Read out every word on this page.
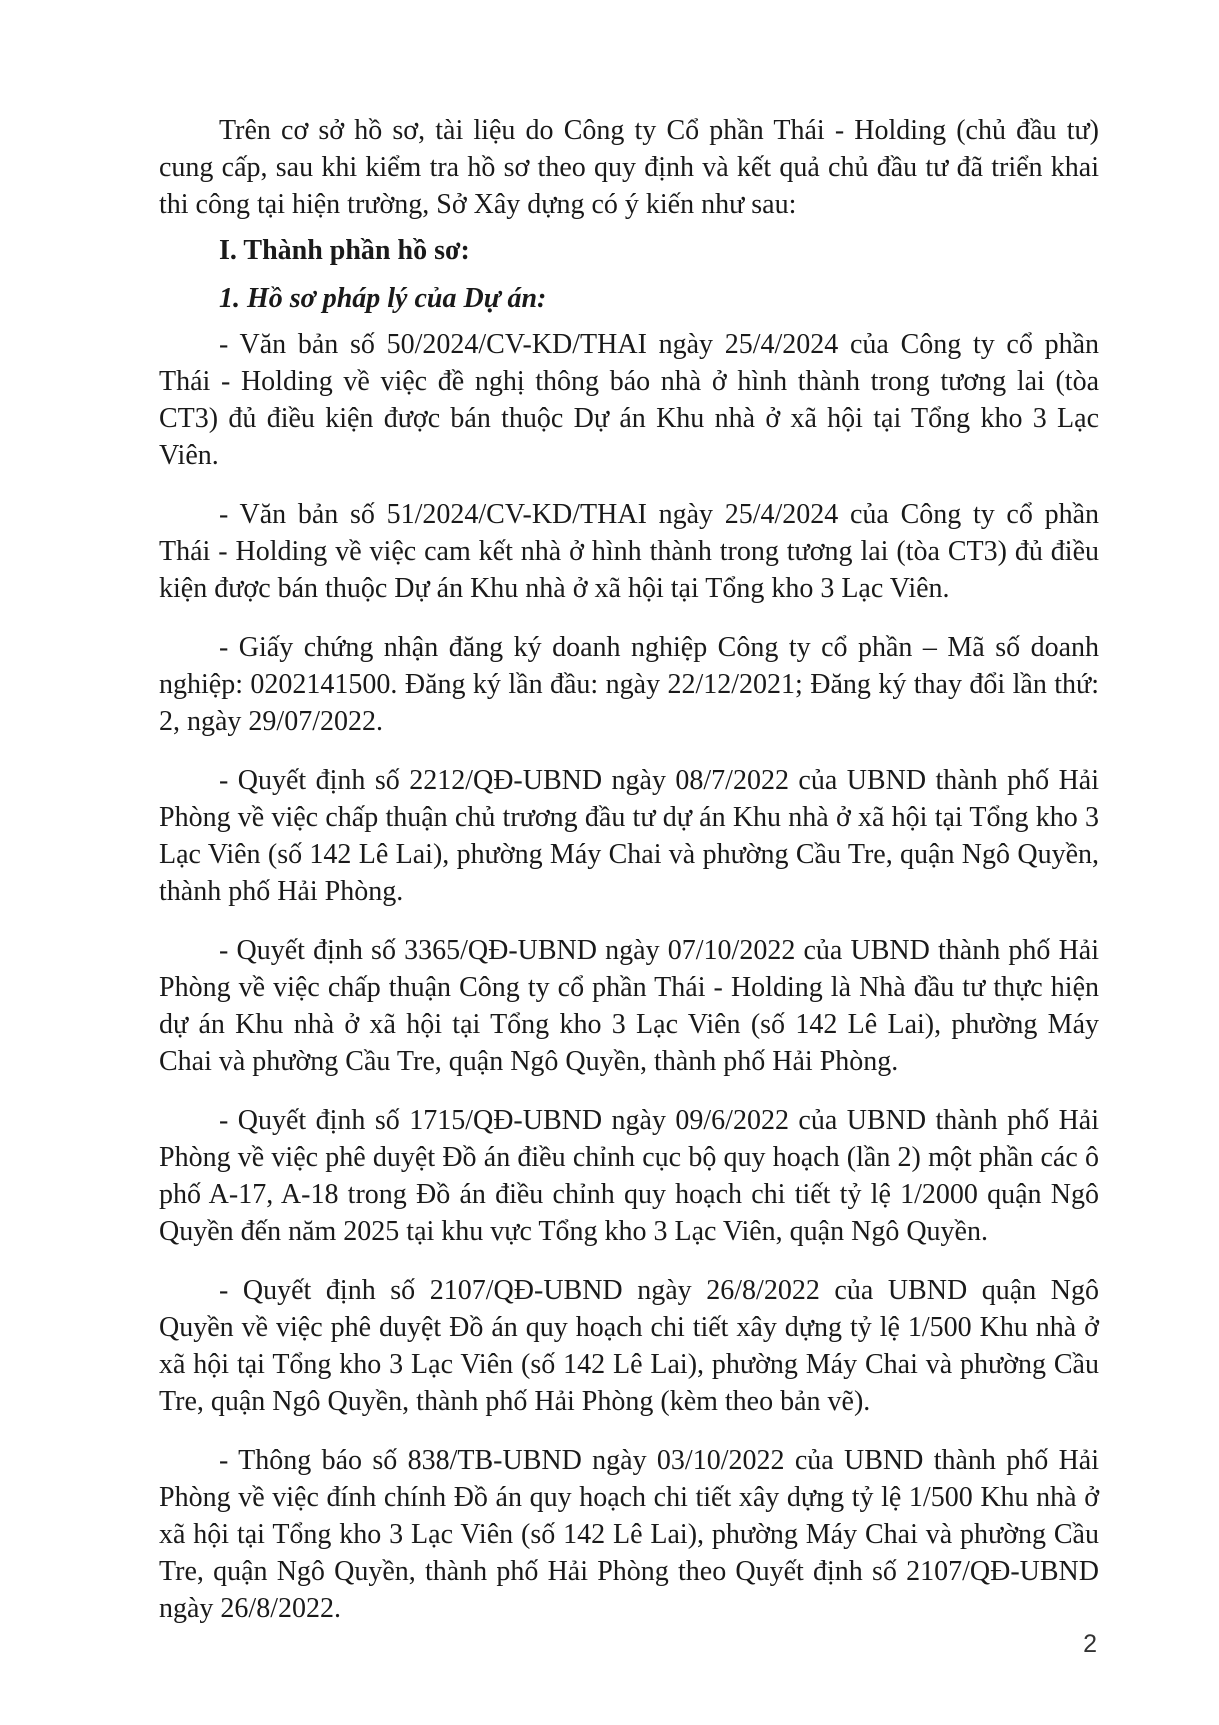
Trên cơ sở hồ sơ, tài liệu do Công ty Cổ phần Thái - Holding (chủ đầu tư) cung cấp, sau khi kiểm tra hồ sơ theo quy định và kết quả chủ đầu tư đã triển khai thi công tại hiện trường, Sở Xây dựng có ý kiến như sau:

I. Thành phần hồ sơ:

1. Hồ sơ pháp lý của Dự án:

- Văn bản số 50/2024/CV-KD/THAI ngày 25/4/2024 của Công ty cổ phần Thái - Holding về việc đề nghị thông báo nhà ở hình thành trong tương lai (tòa CT3) đủ điều kiện được bán thuộc Dự án Khu nhà ở xã hội tại Tổng kho 3 Lạc Viên.

- Văn bản số 51/2024/CV-KD/THAI ngày 25/4/2024 của Công ty cổ phần Thái - Holding về việc cam kết nhà ở hình thành trong tương lai (tòa CT3) đủ điều kiện được bán thuộc Dự án Khu nhà ở xã hội tại Tổng kho 3 Lạc Viên.

- Giấy chứng nhận đăng ký doanh nghiệp Công ty cổ phần – Mã số doanh nghiệp: 0202141500. Đăng ký lần đầu: ngày 22/12/2021; Đăng ký thay đổi lần thứ: 2, ngày 29/07/2022.

- Quyết định số 2212/QĐ-UBND ngày 08/7/2022 của UBND thành phố Hải Phòng về việc chấp thuận chủ trương đầu tư dự án Khu nhà ở xã hội tại Tổng kho 3 Lạc Viên (số 142 Lê Lai), phường Máy Chai và phường Cầu Tre, quận Ngô Quyền, thành phố Hải Phòng.

- Quyết định số 3365/QĐ-UBND ngày 07/10/2022 của UBND thành phố Hải Phòng về việc chấp thuận Công ty cổ phần Thái - Holding là Nhà đầu tư thực hiện dự án Khu nhà ở xã hội tại Tổng kho 3 Lạc Viên (số 142 Lê Lai), phường Máy Chai và phường Cầu Tre, quận Ngô Quyền, thành phố Hải Phòng.

- Quyết định số 1715/QĐ-UBND ngày 09/6/2022 của UBND thành phố Hải Phòng về việc phê duyệt Đồ án điều chỉnh cục bộ quy hoạch (lần 2) một phần các ô phố A-17, A-18 trong Đồ án điều chỉnh quy hoạch chi tiết tỷ lệ 1/2000 quận Ngô Quyền đến năm 2025 tại khu vực Tổng kho 3 Lạc Viên, quận Ngô Quyền.

- Quyết định số 2107/QĐ-UBND ngày 26/8/2022 của UBND quận Ngô Quyền về việc phê duyệt Đồ án quy hoạch chi tiết xây dựng tỷ lệ 1/500 Khu nhà ở xã hội tại Tổng kho 3 Lạc Viên (số 142 Lê Lai), phường Máy Chai và phường Cầu Tre, quận Ngô Quyền, thành phố Hải Phòng (kèm theo bản vẽ).

- Thông báo số 838/TB-UBND ngày 03/10/2022 của UBND thành phố Hải Phòng về việc đính chính Đồ án quy hoạch chi tiết xây dựng tỷ lệ 1/500 Khu nhà ở xã hội tại Tổng kho 3 Lạc Viên (số 142 Lê Lai), phường Máy Chai và phường Cầu Tre, quận Ngô Quyền, thành phố Hải Phòng theo Quyết định số 2107/QĐ-UBND ngày 26/8/2022.

2
